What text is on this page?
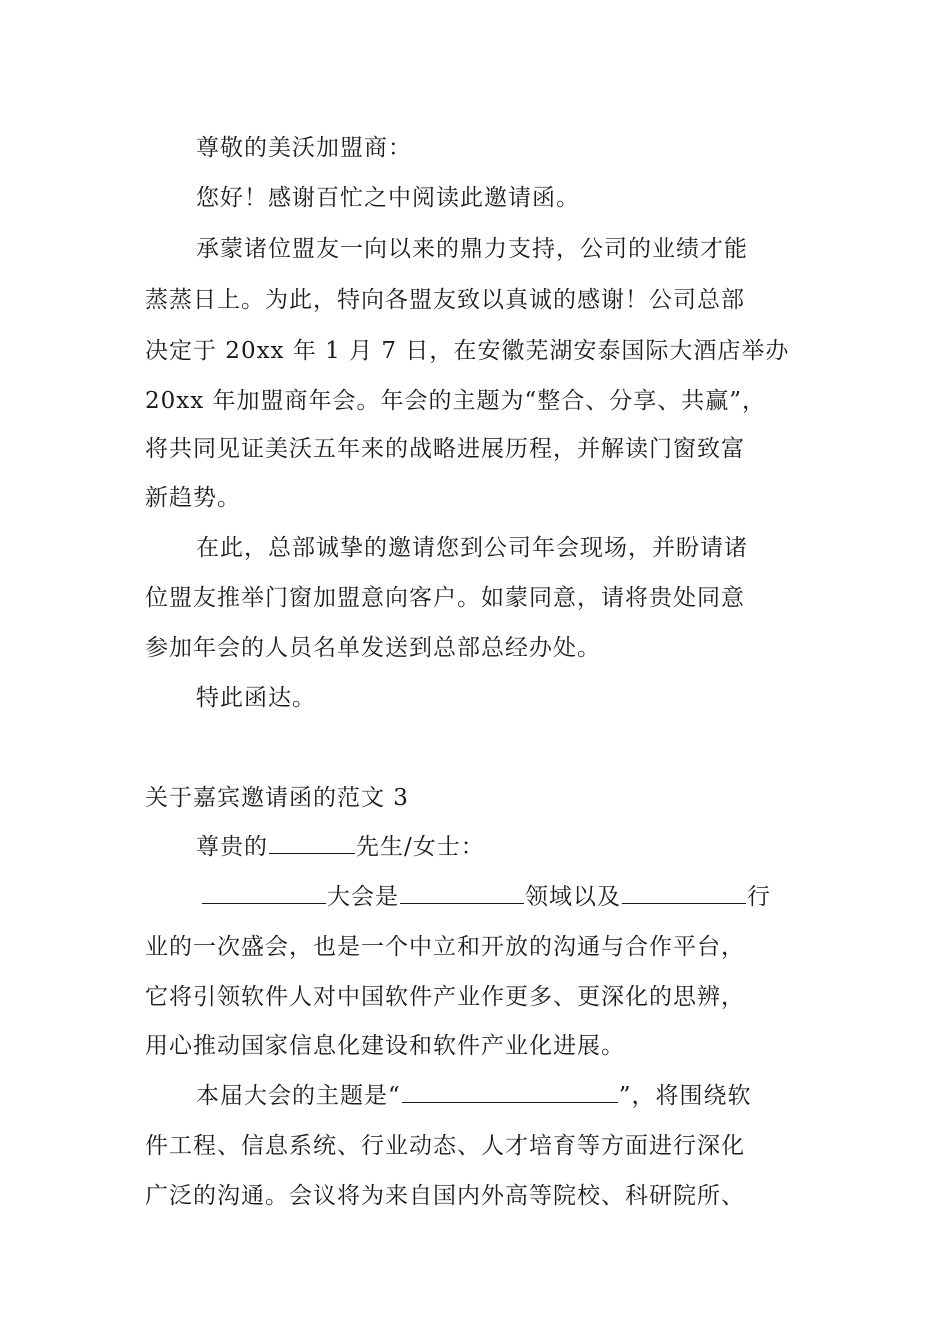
尊敬的美沃加盟商：
您好！感谢百忙之中阅读此邀请函。
承蒙诸位盟友一向以来的鼎力支持，公司的业绩才能
蒸蒸日上。为此，特向各盟友致以真诚的感谢！公司总部
决定于 20xx 年 1 月 7 日，在安徽芜湖安泰国际大酒店举办
20xx 年加盟商年会。年会的主题为“整合、分享、共赢”，
将共同见证美沃五年来的战略进展历程，并解读门窗致富
新趋势。
在此，总部诚挚的邀请您到公司年会现场，并盼请诸
位盟友推举门窗加盟意向客户。如蒙同意，请将贵处同意
参加年会的人员名单发送到总部总经办处。
特此函达。
关于嘉宾邀请函的范文 3
尊贵的	先生/女士：
大会是	领域以及	行
业的一次盛会，也是一个中立和开放的沟通与合作平台，
它将引领软件人对中国软件产业作更多、更深化的思辨，
用心推动国家信息化建设和软件产业化进展。
本届大会的主题是“	”，将围绕软
件工程、信息系统、行业动态、人才培育等方面进行深化
广泛的沟通。会议将为来自国内外高等院校、科研院所、
